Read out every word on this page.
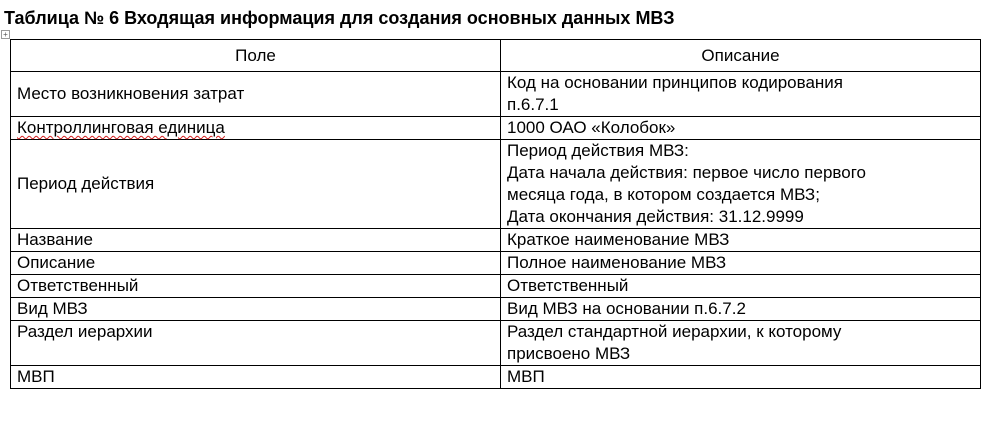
Таблица № 6 Входящая информация для создания основных данных МВЗ
+
Поле	Описание
Место возникновения затрат	Код на основании принципов кодирования
п.6.7.1

Контроллинговая единица	1000 ОАО «Колобок»

Период действия	Период действия МВЗ:
Дата начала действия: первое число первого
месяца года, в котором создается МВЗ;
Дата окончания действия: 31.12.9999

Название	Краткое наименование МВЗ

Описание	Полное наименование МВЗ

Ответственный	Ответственный

Вид МВЗ	Вид МВЗ на основании п.6.7.2

Раздел иерархии	Раздел стандартной иерархии, к которому
присвоено МВЗ

МВП	МВП
